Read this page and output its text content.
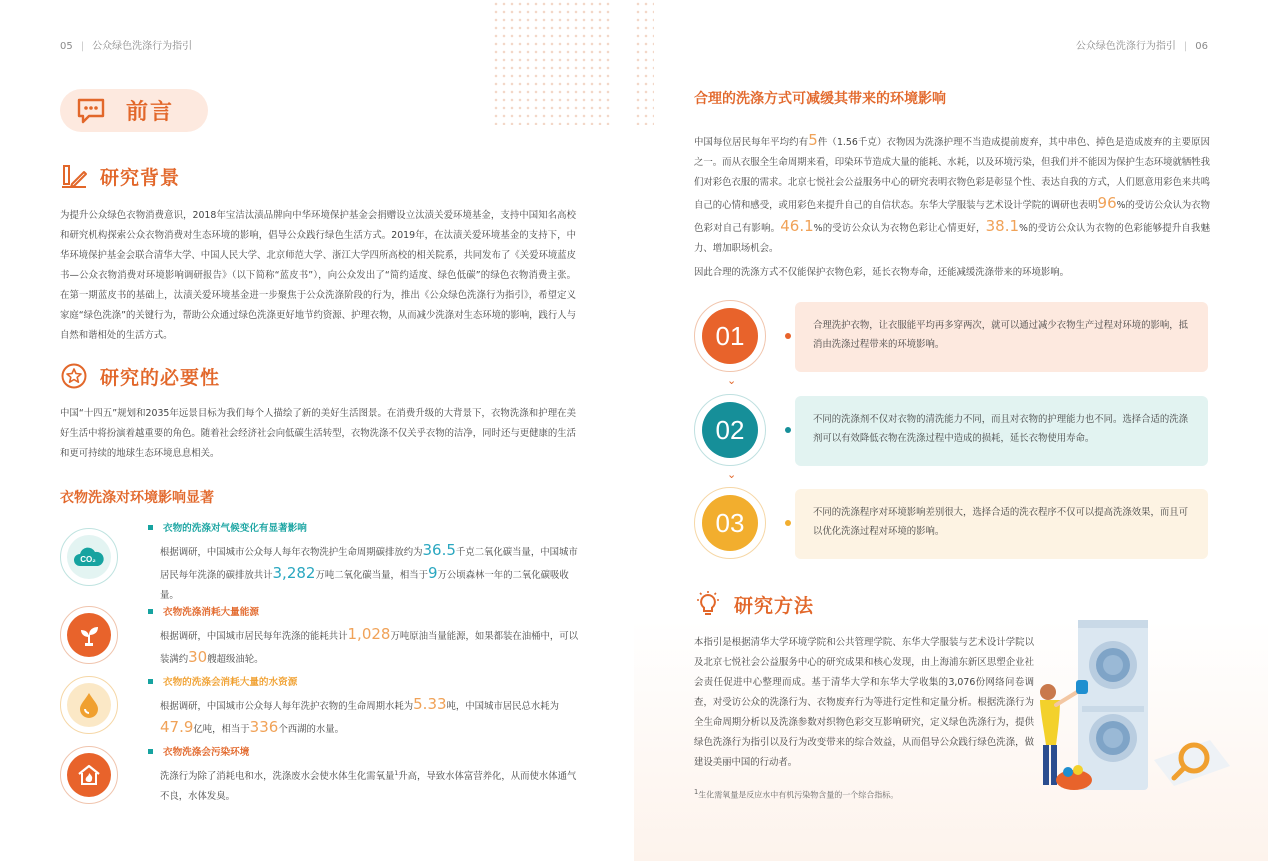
05 | 公众绿色洗涤行为指引
前言
研究背景
为提升公众绿色衣物消费意识，2018年宝洁汰渍品牌向中华环境保护基金会捐赠设立汰渍关爱环境基金，支持中国知名高校和研究机构探索公众衣物消费对生态环境的影响，倡导公众践行绿色生活方式。2019年，在汰渍关爱环境基金的支持下，中华环境保护基金会联合清华大学、中国人民大学、北京师范大学、浙江大学四所高校的相关院系，共同发布了《关爱环境蓝皮书—公众衣物消费对环境影响调研报告》（以下简称“蓝皮书”），向公众发出了“简约适度、绿色低碳”的绿色衣物消费主张。在第一期蓝皮书的基础上，汰渍关爱环境基金进一步聚焦于公众洗涤阶段的行为，推出《公众绿色洗涤行为指引》，希望定义家庭“绿色洗涤”的关键行为，帮助公众通过绿色洗涤更好地节约资源、护理衣物，从而减少洗涤对生态环境的影响，践行人与自然和谐相处的生活方式。
研究的必要性
中国“十四五”规划和2035年远景目标为我们每个人描绘了新的美好生活图景。在消费升级的大背景下，衣物洗涤和护理在美好生活中将扮演着越重要的角色。随着社会经济社会向低碳生活转型，衣物洗涤不仅关乎衣物的洁净，同时还与更健康的生活和更可持续的地球生态环境息息相关。
衣物洗涤对环境影响显著
CO₂
衣物的洗涤对气候变化有显著影响
根据调研，中国城市公众每人每年衣物洗护生命周期碳排放约为36.5千克二氧化碳当量，中国城市居民每年洗涤的碳排放共计3,282万吨二氧化碳当量，相当于9万公顷森林一年的二氧化碳吸收量。
衣物洗涤消耗大量能源
根据调研，中国城市居民每年洗涤的能耗共计1,028万吨原油当量能源，如果都装在油桶中，可以装满约30艘超级油轮。
衣物的洗涤会消耗大量的水资源
根据调研，中国城市公众每人每年洗护衣物的生命周期水耗为5.33吨，中国城市居民总水耗为47.9亿吨，相当于336个西湖的水量。
衣物洗涤会污染环境
洗涤行为除了消耗电和水，洗涤废水会使水体生化需氧量$^1$升高，导致水体富营养化，从而使水体通气不良，水体发臭。
公众绿色洗涤行为指引 | 06
合理的洗涤方式可减缓其带来的环境影响
中国每位居民每年平均约有5件（1.56千克）衣物因为洗涤护理不当造成提前废弃，其中串色、掉色是造成废弃的主要原因之一。而从衣服全生命周期来看，印染环节造成大量的能耗、水耗，以及环境污染，但我们并不能因为保护生态环境就牺牲我们对彩色衣服的需求。北京七悦社会公益服务中心的研究表明衣物色彩是彰显个性、表达自我的方式，人们愿意用彩色来共鸣自己的心情和感受，或用彩色来提升自己的自信状态。东华大学服装与艺术设计学院的调研也表明96%的受访公众认为衣物色彩对自己有影响。46.1%的受访公众认为衣物色彩让心情更好，38.1%的受访公众认为衣物的色彩能够提升自我魅力、增加职场机会。
因此合理的洗涤方式不仅能保护衣物色彩，延长衣物寿命，还能减缓洗涤带来的环境影响。
01	合理洗护衣物，让衣服能平均再多穿两次，就可以通过减少衣物生产过程对环境的影响，抵消由洗涤过程带来的环境影响。
⌄
02	不同的洗涤剂不仅对衣物的清洗能力不同，而且对衣物的护理能力也不同。选择合适的洗涤剂可以有效降低衣物在洗涤过程中造成的损耗，延长衣物使用寿命。
⌄
03	不同的洗涤程序对环境影响差别很大，选择合适的洗衣程序不仅可以提高洗涤效果，而且可以优化洗涤过程对环境的影响。
研究方法
本指引是根据清华大学环境学院和公共管理学院、东华大学服装与艺术设计学院以及北京七悦社会公益服务中心的研究成果和核心发现，由上海浦东新区思塑企业社会责任促进中心整理而成。基于清华大学和东华大学收集的3,076份网络问卷调查，对受访公众的洗涤行为、衣物废弃行为等进行定性和定量分析。根据洗涤行为全生命周期分析以及洗涤参数对织物色彩交互影响研究，定义绿色洗涤行为，提供绿色洗涤行为指引以及行为改变带来的综合效益，从而倡导公众践行绿色洗涤，做建设美丽中国的行动者。
$^1$生化需氧量是反应水中有机污染物含量的一个综合指标。
